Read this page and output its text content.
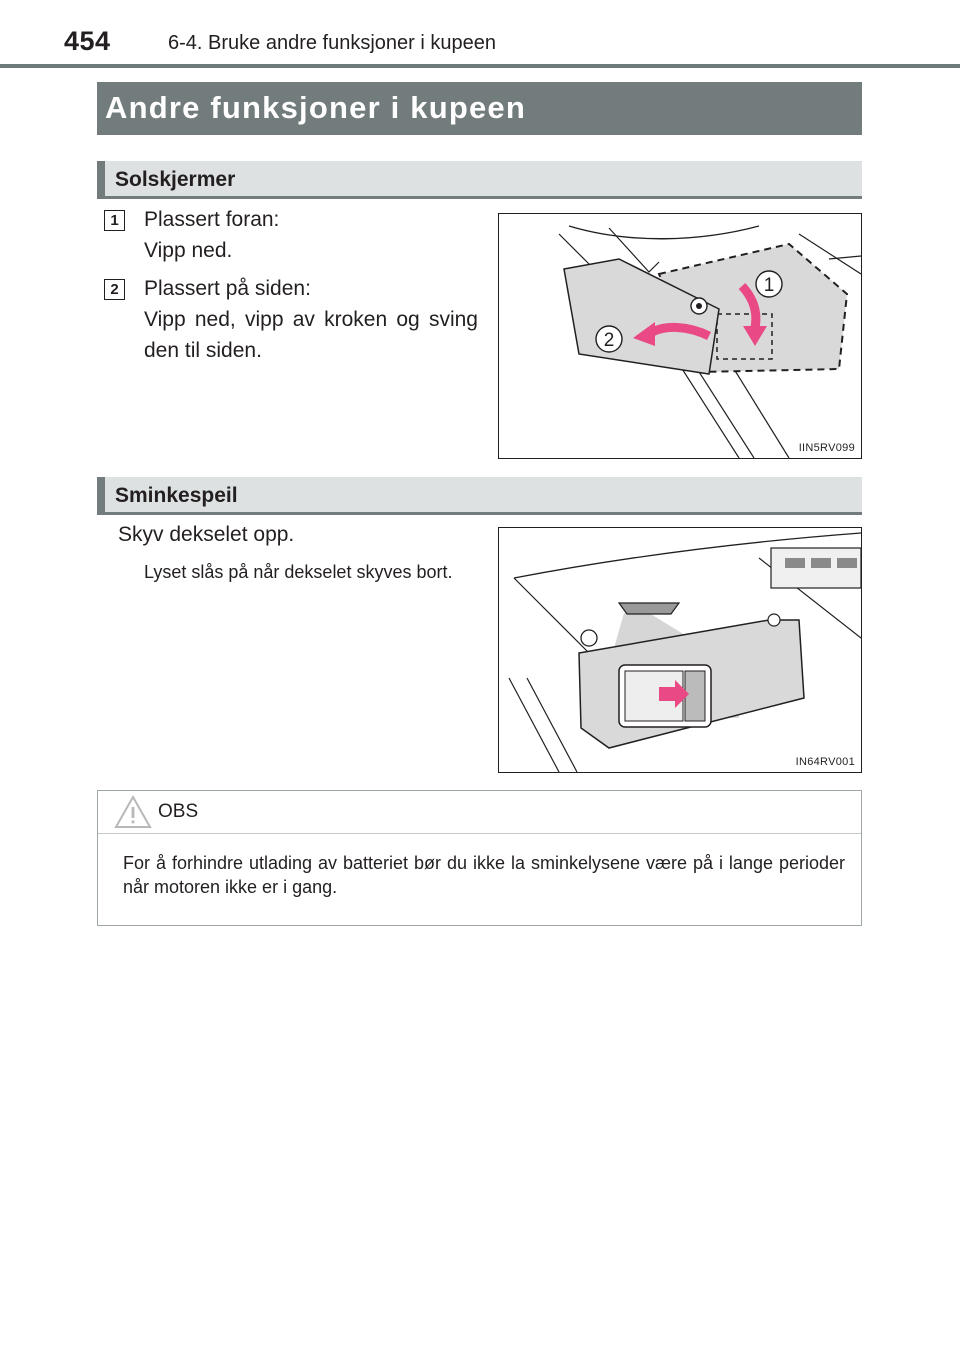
454	6-4. Bruke andre funksjoner i kupeen
Andre funksjoner i kupeen
Solskjermer
1	Plassert foran:
Vipp ned.
2	Plassert på siden:
Vipp ned, vipp av kroken og sving den til siden.
1
2
IIN5RV099
Sminkespeil
Skyv dekselet opp.
Lyset slås på når dekselet skyves bort.
IN64RV001
OBS
For å forhindre utlading av batteriet bør du ikke la sminkelysene være på i lange perioder når motoren ikke er i gang.
